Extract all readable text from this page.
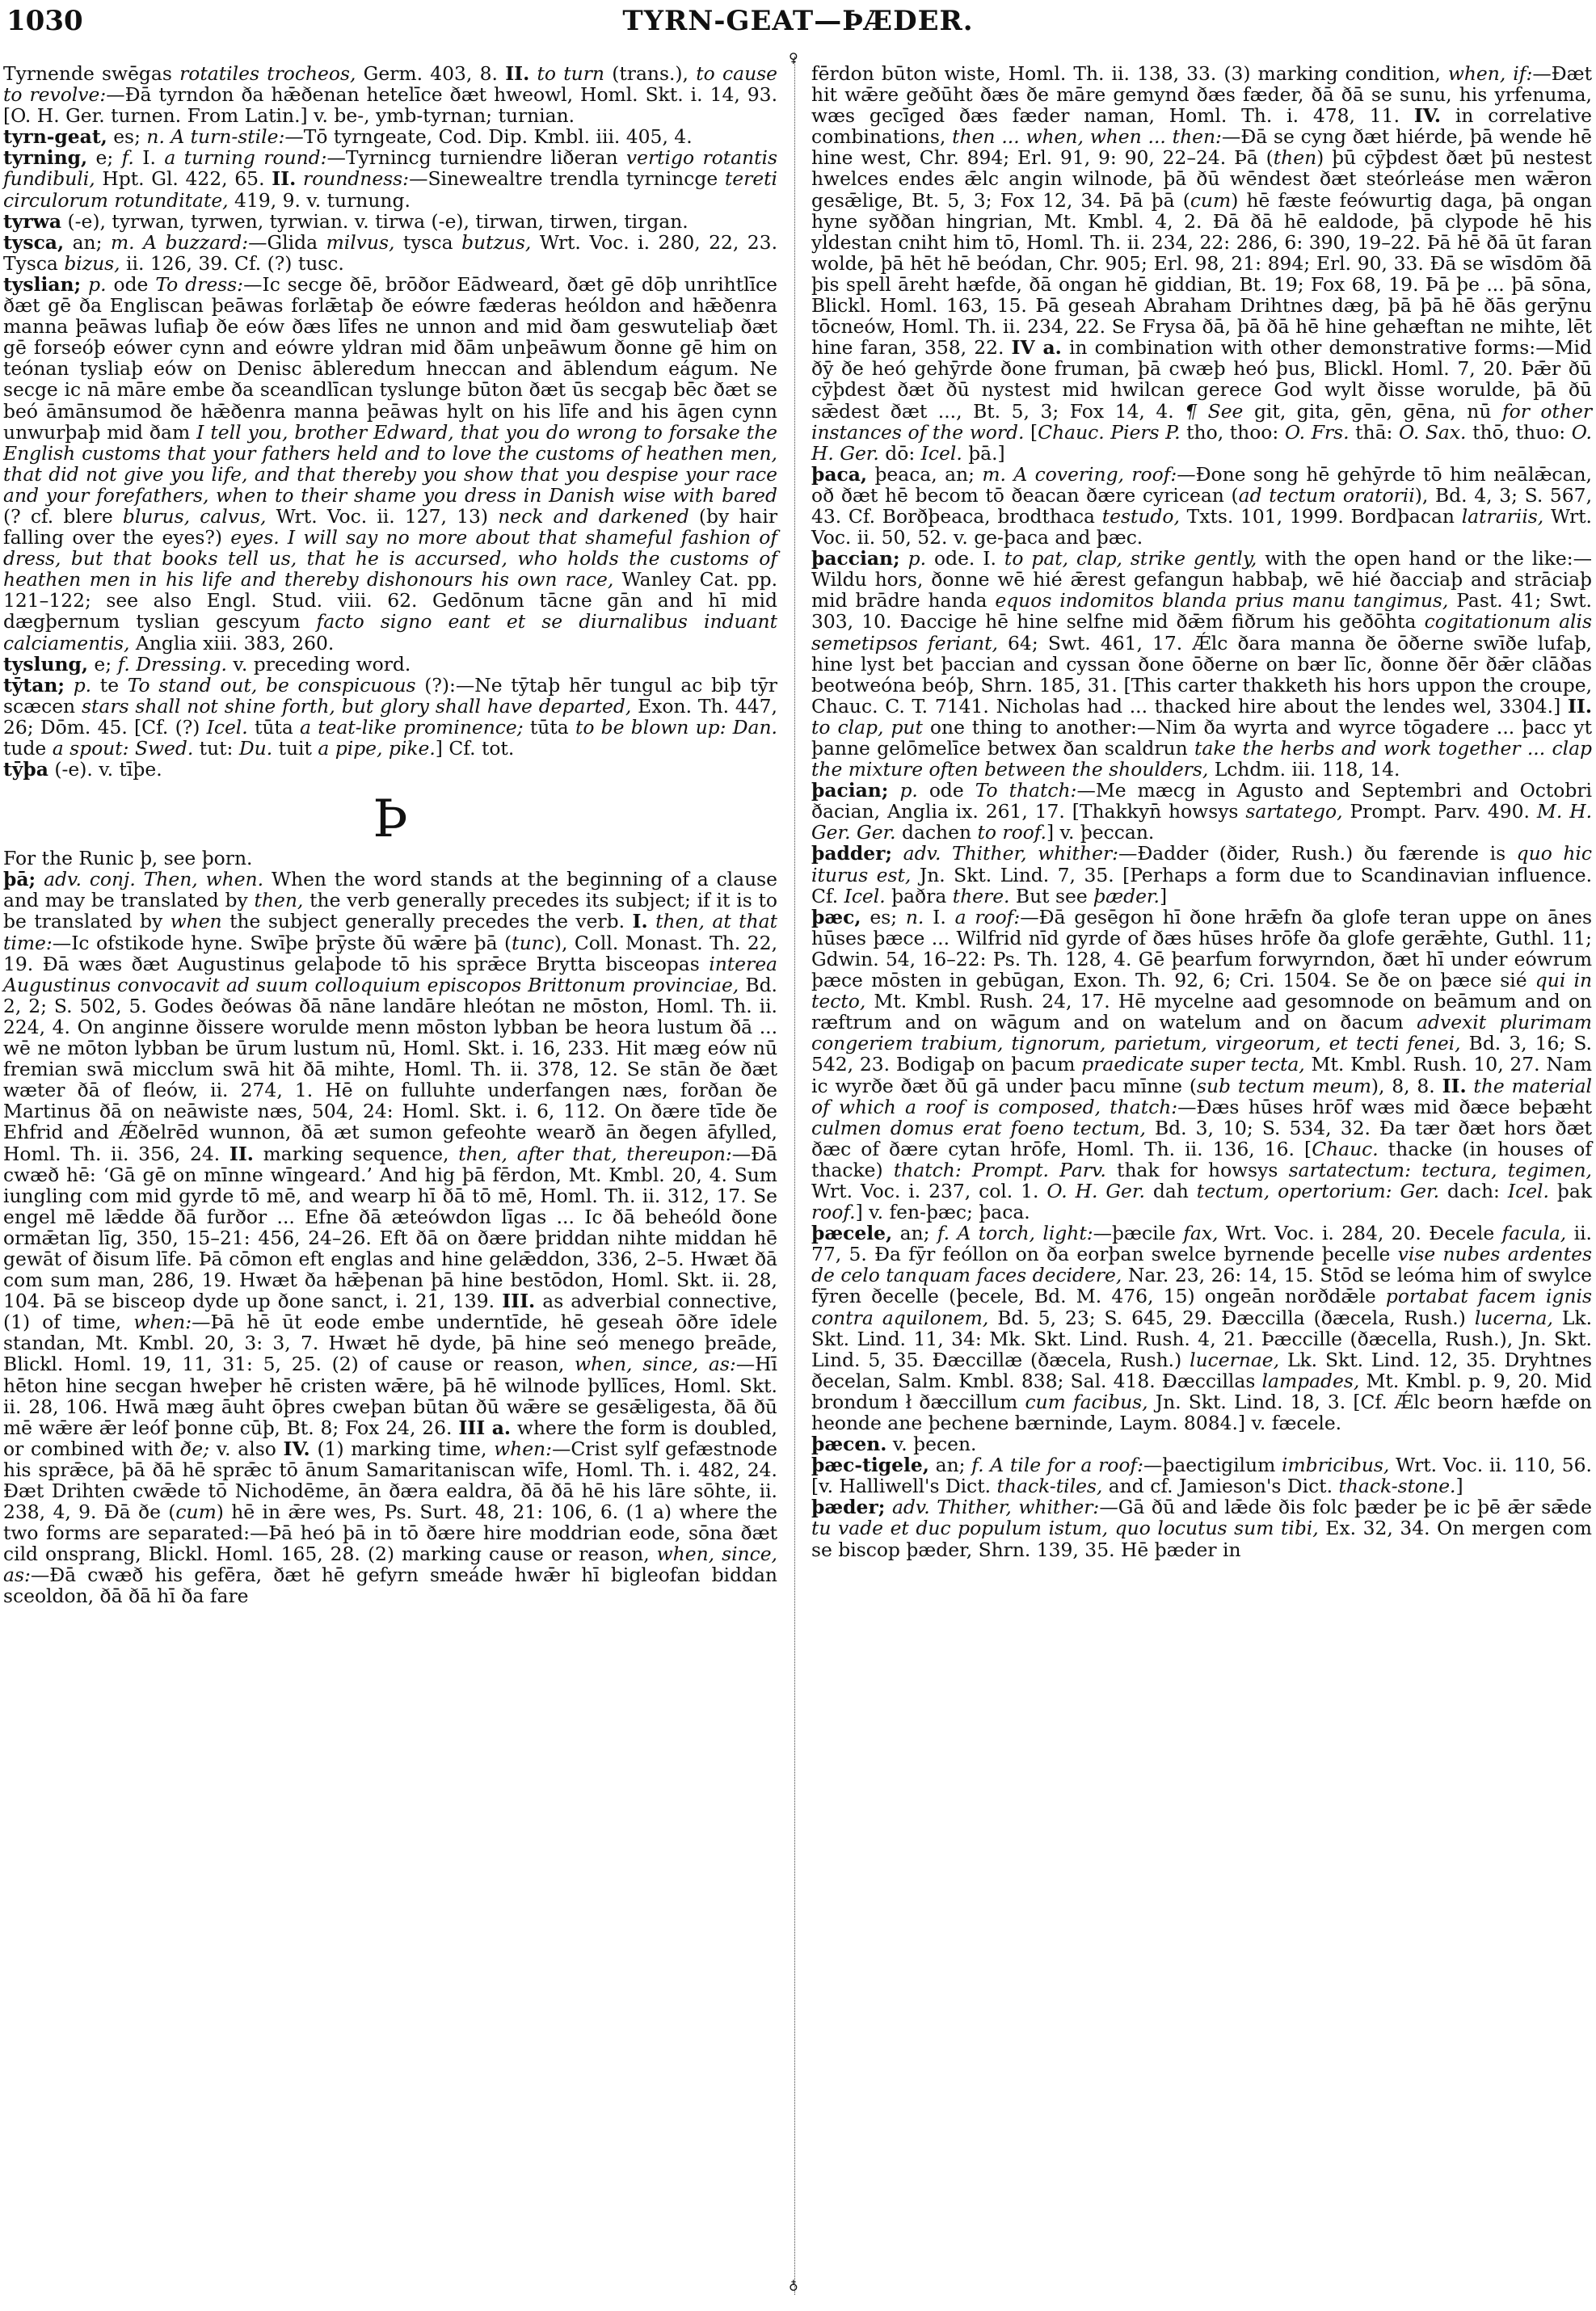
1030	TYRN-GEAT—ÞÆDER.

Tyrnende swēgas rotatiles trocheos, Germ. 403, 8. II. to turn (trans.), to cause to revolve:—Ðā tyrndon ða hǣðenan hetelīce ðæt hweowl, Homl. Skt. i. 14, 93. [O. H. Ger. turnen. From Latin.] v. be-, ymb-tyrnan; turnian.

tyrn-geat, es; n. A turn-stile:—Tō tyrngeate, Cod. Dip. Kmbl. iii. 405, 4.

tyrning, e; f. I. a turning round:—Tyrnincg turniendre liðeran vertigo rotantis fundibuli, Hpt. Gl. 422, 65. II. roundness:—Sinewealtre trendla tyrnincge tereti circulorum rotunditate, 419, 9. v. turnung.

tyrwa (-e), tyrwan, tyrwen, tyrwian. v. tirwa (-e), tirwan, tirwen, tirgan.

tysca, an; m. A buzzard:—Glida milvus, tysca butzus, Wrt. Voc. i. 280, 22, 23. Tysca bizus, ii. 126, 39. Cf. (?) tusc.

tyslian; p. ode To dress:—Ic secge ðē, brōðor Eādweard, ðæt gē dōþ unrihtlīce ðæt gē ða Engliscan þeāwas forlǣtaþ ðe eówre fæderas heóldon and hǣðenra manna þeāwas lufiaþ ðe eów ðæs līfes ne unnon and mid ðam geswuteliaþ ðæt gē forseóþ eówer cynn and eówre yldran mid ðām unþeāwum ðonne gē him on teónan tysliaþ eów on Denisc ābleredum hneccan and āblendum eágum. Ne secge ic nā māre embe ða sceandlīcan tyslunge būton ðæt ūs secgaþ bēc ðæt se beó āmānsumod ðe hǣðenra manna þeāwas hylt on his līfe and his āgen cynn unwurþaþ mid ðam I tell you, brother Edward, that you do wrong to forsake the English customs that your fathers held and to love the customs of heathen men, that did not give you life, and that thereby you show that you despise your race and your forefathers, when to their shame you dress in Danish wise with bared (? cf. blere blurus, calvus, Wrt. Voc. ii. 127, 13) neck and darkened (by hair falling over the eyes?) eyes. I will say no more about that shameful fashion of dress, but that books tell us, that he is accursed, who holds the customs of heathen men in his life and thereby dishonours his own race, Wanley Cat. pp. 121–122; see also Engl. Stud. viii. 62. Gedōnum tācne gān and hī mid dægþernum tyslian gescyum facto signo eant et se diurnalibus induant calciamentis, Anglia xiii. 383, 260.

tyslung, e; f. Dressing. v. preceding word.

tȳtan; p. te To stand out, be conspicuous (?):—Ne tȳtaþ hēr tungul ac biþ tȳr scæcen stars shall not shine forth, but glory shall have departed, Exon. Th. 447, 26; Dōm. 45. [Cf. (?) Icel. tūta a teat-like prominence; tūta to be blown up: Dan. tude a spout: Swed. tut: Du. tuit a pipe, pike.] Cf. tot.

tȳþa (-e). v. tīþe.

Þ

For the Runic þ, see þorn.

þā; adv. conj. Then, when. When the word stands at the beginning of a clause and may be translated by then, the verb generally precedes its subject; if it is to be translated by when the subject generally precedes the verb. I. then, at that time:—Ic ofstikode hyne. Swīþe þrȳste ðū wǣre þā (tunc), Coll. Monast. Th. 22, 19. Ðā wæs ðæt Augustinus gelaþode tō his sprǣce Brytta bisceopas interea Augustinus convocavit ad suum colloquium episcopos Brittonum provinciae, Bd. 2, 2; S. 502, 5. Godes ðeówas ðā nāne landāre hleótan ne mōston, Homl. Th. ii. 224, 4. On anginne ðissere worulde menn mōston lybban be heora lustum ðā ... wē ne mōton lybban be ūrum lustum nū, Homl. Skt. i. 16, 233. Hit mæg eów nū fremian swā micclum swā hit ðā mihte, Homl. Th. ii. 378, 12. Se stān ðe ðæt wæter ðā of fleów, ii. 274, 1. Hē on fulluhte underfangen næs, forðan ðe Martinus ðā on neāwiste næs, 504, 24: Homl. Skt. i. 6, 112. On ðære tīde ðe Ehfrid and Ǽðelrēd wunnon, ðā æt sumon gefeohte wearð ān ðegen āfylled, Homl. Th. ii. 356, 24. II. marking sequence, then, after that, thereupon:—Ðā cwæð hē: ‘Gā gē on mīnne wīngeard.’ And hig þā fērdon, Mt. Kmbl. 20, 4. Sum iungling com mid gyrde tō mē, and wearp hī ðā tō mē, Homl. Th. ii. 312, 17. Se engel mē lǣdde ðā furðor ... Efne ðā ætеówdon līgas ... Ic ðā beheóld ðone ormǣtan līg, 350, 15–21: 456, 24–26. Eft ðā on ðære þriddan nihte middan hē gewāt of ðisum līfe. Þā cōmon eft englas and hine gelǣddon, 336, 2–5. Hwæt ðā com sum man, 286, 19. Hwæt ða hǣþenan þā hine bestōdon, Homl. Skt. ii. 28, 104. Þā se bisceop dyde up ðone sanct, i. 21, 139. III. as adverbial connective, (1) of time, when:—Þā hē ūt eode embe underntīde, hē geseah ōðre īdele standan, Mt. Kmbl. 20, 3: 3, 7. Hwæt hē dyde, þā hine seó menego þreāde, Blickl. Homl. 19, 11, 31: 5, 25. (2) of cause or reason, when, since, as:—Hī hēton hine secgan hweþer hē cristen wǣre, þā hē wilnode þyllīces, Homl. Skt. ii. 28, 106. Hwā mæg āuht ōþres cweþan būtan ðū wǣre se gesǣligesta, ðā ðū mē wǣre ǣr leóf þonne cūþ, Bt. 8; Fox 24, 26. III a. where the form is doubled, or combined with ðe; v. also IV. (1) marking time, when:—Crist sylf gefæstnode his sprǣce, þā ðā hē sprǣc tō ānum Samaritaniscan wīfe, Homl. Th. i. 482, 24. Ðæt Drihten cwǣde tō Nichodēme, ān ðæra ealdra, ðā ðā hē his lāre sōhte, ii. 238, 4, 9. Ðā ðe (cum) hē in ǣre wes, Ps. Surt. 48, 21: 106, 6. (1 a) where the two forms are separated:—Þā heó þā in tō ðære hire moddrian eode, sōna ðæt cild onsprang, Blickl. Homl. 165, 28. (2) marking cause or reason, when, since, as:—Ðā cwæð his gefēra, ðæt hē gefyrn smeáde hwǣr hī bigleofan biddan sceoldon, ðā ðā hī ða fare

♀
♁

fērdon būton wiste, Homl. Th. ii. 138, 33. (3) marking condition, when, if:—Ðæt hit wǣre geðūht ðæs ðe māre gemynd ðæs fæder, ðā ðā se sunu, his yrfenuma, wæs gecīged ðæs fæder naman, Homl. Th. i. 478, 11. IV. in correlative combinations, then ... when, when ... then:—Ðā se cyng ðæt hiérde, þā wende hē hine west, Chr. 894; Erl. 91, 9: 90, 22–24. Þā (then) þū cȳþdest ðæt þū nestest hwelces endes ǣlc angin wilnode, þā ðū wēndest ðæt steórleáse men wǣron gesǣlige, Bt. 5, 3; Fox 12, 34. Þā þā (cum) hē fæste feówurtig daga, þā ongan hyne syððan hingrian, Mt. Kmbl. 4, 2. Ðā ðā hē ealdode, þā clypode hē his yldestan cniht him tō, Homl. Th. ii. 234, 22: 286, 6: 390, 19–22. Þā hē ðā ūt faran wolde, þā hēt hē beódan, Chr. 905; Erl. 98, 21: 894; Erl. 90, 33. Ðā se wīsdōm ðā þis spell āreht hæfde, ðā ongan hē giddian, Bt. 19; Fox 68, 19. Þā þe ... þā sōna, Blickl. Homl. 163, 15. Þā geseah Abraham Drihtnes dæg, þā þā hē ðās gerȳnu tōcneów, Homl. Th. ii. 234, 22. Se Frysa ðā, þā ðā hē hine gehæftan ne mihte, lēt hine faran, 358, 22. IV a. in combination with other demonstrative forms:—Mid ðȳ ðe heó gehȳrde ðone fruman, þā cwæþ heó þus, Blickl. Homl. 7, 20. Þǣr ðū cȳþdest ðæt ðū nystest mid hwilcan gerece God wylt ðisse worulde, þā ðū sǣdest ðæt ..., Bt. 5, 3; Fox 14, 4. ¶ See git, gita, gēn, gēna, nū for other instances of the word. [Chauc. Piers P. tho, thoo: O. Frs. thā: O. Sax. thō, thuo: O. H. Ger. dō: Icel. þā.]

þaca, þeaca, an; m. A covering, roof:—Ðone song hē gehȳrde tō him neālǣcan, oð ðæt hē becom tō ðeacan ðære cyricean (ad tectum oratorii), Bd. 4, 3; S. 567, 43. Cf. Borðþeaca, brodthaca testudo, Txts. 101, 1999. Bordþacan latrariis, Wrt. Voc. ii. 50, 52. v. ge-þaca and þæc.

þaccian; p. ode. I. to pat, clap, strike gently, with the open hand or the like:—Wildu hors, ðonne wē hié ǣrest gefangun habbaþ, wē hié ðacciaþ and strāciaþ mid brādre handa equos indomitos blanda prius manu tangimus, Past. 41; Swt. 303, 10. Ðaccige hē hine selfne mid ðǣm fiðrum his geðōhta cogitationum alis semetipsos feriant, 64; Swt. 461, 17. Ǽlc ðara manna ðe ōðerne swīðe lufaþ, hine lyst bet þaccian and cyssan ðone ōðerne on bær līc, ðonne ðēr ðǣr clāðas beotweóna beóþ, Shrn. 185, 31. [This carter thakketh his hors uppon the croupe, Chauc. C. T. 7141. Nicholas had ... thacked hire about the lendes wel, 3304.] II. to clap, put one thing to another:—Nim ða wyrta and wyrce tōgadere ... þacc yt þanne gelōmelīce betwex ðan scaldrun take the herbs and work together ... clap the mixture often between the shoulders, Lchdm. iii. 118, 14.

þacian; p. ode To thatch:—Me mæcg in Agusto and Septembri and Octobri ðacian, Anglia ix. 261, 17. [Thakkyn̄ howsys sartatego, Prompt. Parv. 490. M. H. Ger. Ger. dachen to roof.] v. þeccan.

þadder; adv. Thither, whither:—Ðadder (ðider, Rush.) ðu færende is quo hic iturus est, Jn. Skt. Lind. 7, 35. [Perhaps a form due to Scandinavian influence. Cf. Icel. þaðra there. But see þæder.]

þæc, es; n. I. a roof:—Ðā gesēgon hī ðone hrǣfn ða glofe teran uppe on ānes hūses þæce ... Wilfrid nīd gyrde of ðæs hūses hrōfe ða glofe gerǣhte, Guthl. 11; Gdwin. 54, 16–22: Ps. Th. 128, 4. Gē þearfum forwyrndon, ðæt hī under eówrum þæce mōsten in gebūgan, Exon. Th. 92, 6; Cri. 1504. Se ðe on þæce sié qui in tecto, Mt. Kmbl. Rush. 24, 17. Hē mycelne aad gesomnode on beāmum and on ræftrum and on wāgum and on watelum and on ðacum advexit plurimam congeriem trabium, tignorum, parietum, virgeorum, et tecti fenei, Bd. 3, 16; S. 542, 23. Bodigaþ on þacum praedicate super tecta, Mt. Kmbl. Rush. 10, 27. Nam ic wyrðe ðæt ðū gā under þacu mīnne (sub tectum meum), 8, 8. II. the material of which a roof is composed, thatch:—Ðæs hūses hrōf wæs mid ðæce beþæht culmen domus erat foeno tectum, Bd. 3, 10; S. 534, 32. Ða tær ðæt hors ðæt ðæc of ðære cytan hrōfe, Homl. Th. ii. 136, 16. [Chauc. thacke (in houses of thacke) thatch: Prompt. Parv. thak for howsys sartatectum: tectura, tegimen, Wrt. Voc. i. 237, col. 1. O. H. Ger. dah tectum, opertorium: Ger. dach: Icel. þak roof.] v. fen-þæc; þaca.

þæcele, an; f. A torch, light:—þæcile fax, Wrt. Voc. i. 284, 20. Ðecele facula, ii. 77, 5. Ða fȳr feóllon on ða eorþan swelce byrnende þecelle vise nubes ardentes de celo tanquam faces decidere, Nar. 23, 26: 14, 15. Stōd se leóma him of swylce fȳren ðecelle (þecele, Bd. M. 476, 15) ongeān norðdǣle portabat facem ignis contra aquilonem, Bd. 5, 23; S. 645, 29. Ðæccilla (ðæcela, Rush.) lucerna, Lk. Skt. Lind. 11, 34: Mk. Skt. Lind. Rush. 4, 21. Þæccille (ðæcella, Rush.), Jn. Skt. Lind. 5, 35. Ðæccillæ (ðæcela, Rush.) lucernae, Lk. Skt. Lind. 12, 35. Dryhtnes ðecelan, Salm. Kmbl. 838; Sal. 418. Ðæccillas lampades, Mt. Kmbl. p. 9, 20. Mid brondum ł ðæccillum cum facibus, Jn. Skt. Lind. 18, 3. [Cf. Ǽlc beorn hæfde on heonde ane þechene bærninde, Laym. 8084.] v. fæcele.

þæcen. v. þecen.

þæc-tigele, an; f. A tile for a roof:—þaectigilum imbricibus, Wrt. Voc. ii. 110, 56. [v. Halliwell's Dict. thack-tiles, and cf. Jamieson's Dict. thack-stone.]

þæder; adv. Thither, whither:—Gā ðū and lǣde ðis folc þæder þe ic þē ǣr sǣde tu vade et duc populum istum, quo locutus sum tibi, Ex. 32, 34. On mergen com se biscop þæder, Shrn. 139, 35. Hē þæder in
